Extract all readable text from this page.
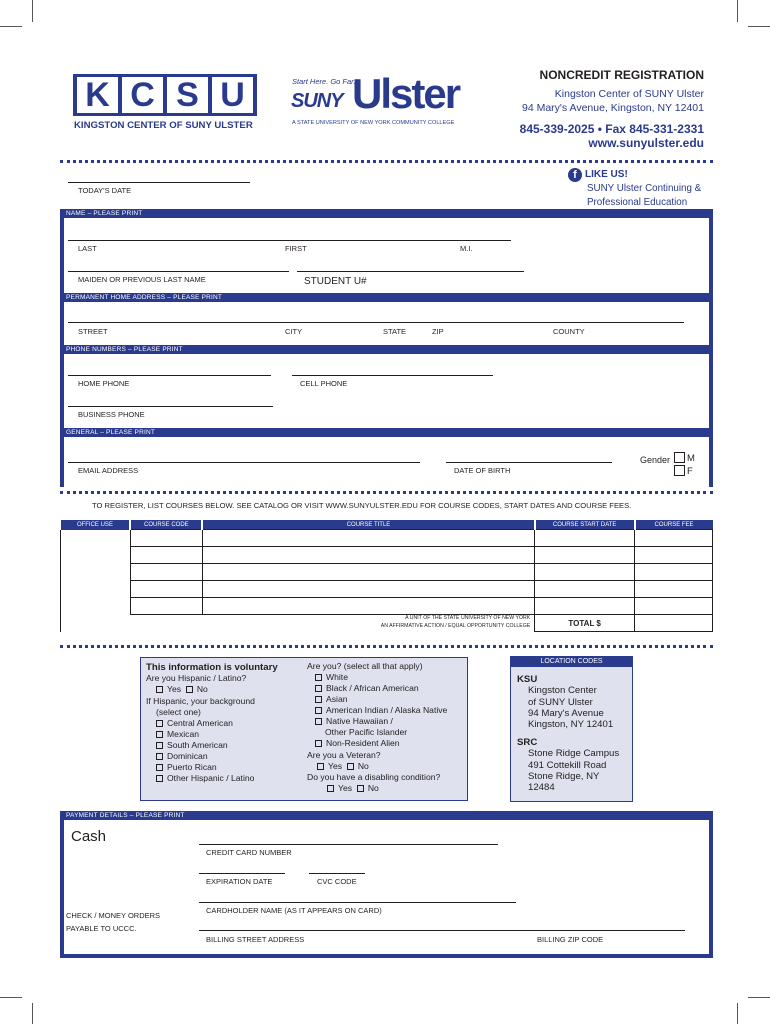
K C S U
KINGSTON CENTER OF SUNY ULSTER
Start Here. Go Far.
SUNY Ulster
A STATE UNIVERSITY OF NEW YORK COMMUNITY COLLEGE
NONCREDIT REGISTRATION
Kingston Center of SUNY Ulster
94 Mary's Avenue, Kingston, NY 12401
845-339-2025 • Fax 845-331-2331
www.sunyulster.edu
f LIKE US!
SUNY Ulster Continuing &
Professional Education
TODAY'S DATE
NAME – PLEASE PRINT
LAST	FIRST	M.I.
MAIDEN OR PREVIOUS LAST NAME	STUDENT U#
PERMANENT HOME ADDRESS – PLEASE PRINT
STREET	CITY	STATE	ZIP	COUNTY
PHONE NUMBERS – PLEASE PRINT
HOME PHONE	CELL PHONE
BUSINESS PHONE
GENERAL – PLEASE PRINT
EMAIL ADDRESS	DATE OF BIRTH
Gender M
F
TO REGISTER, LIST COURSES BELOW. SEE CATALOG OR VISIT WWW.SUNYULSTER.EDU FOR COURSE CODES, START DATES AND COURSE FEES.
OFFICE USE	COURSE CODE	COURSE TITLE	COURSE START DATE	COURSE FEE

		A UNIT OF THE STATE UNIVERSITY OF NEW YORK
AN AFFIRMATIVE ACTION / EQUAL OPPORTUNITY COLLEGE	TOTAL $	
This information is voluntary
Are you Hispanic / Latino?
Yes No
If Hispanic, your background
(select one)
Central American
Mexican
South American
Dominican
Puerto Rican
Other Hispanic / Latino
Are you? (select all that apply)
White
Black / African American
Asian
American Indian / Alaska Native
Native Hawaiian /
Other Pacific Islander
Non-Resident Alien
Are you a Veteran?
Yes No
Do you have a disabling condition?
Yes No
LOCATION CODES
KSU
Kingston Center
of SUNY Ulster
94 Mary's Avenue
Kingston, NY 12401
SRC
Stone Ridge Campus
491 Cottekill Road
Stone Ridge, NY
12484
PAYMENT DETAILS – PLEASE PRINT
Cash
CREDIT CARD NUMBER
EXPIRATION DATE	CVC CODE
CARDHOLDER NAME (AS IT APPEARS ON CARD)
CHECK / MONEY ORDERS
PAYABLE TO UCCC.
BILLING STREET ADDRESS	BILLING ZIP CODE
